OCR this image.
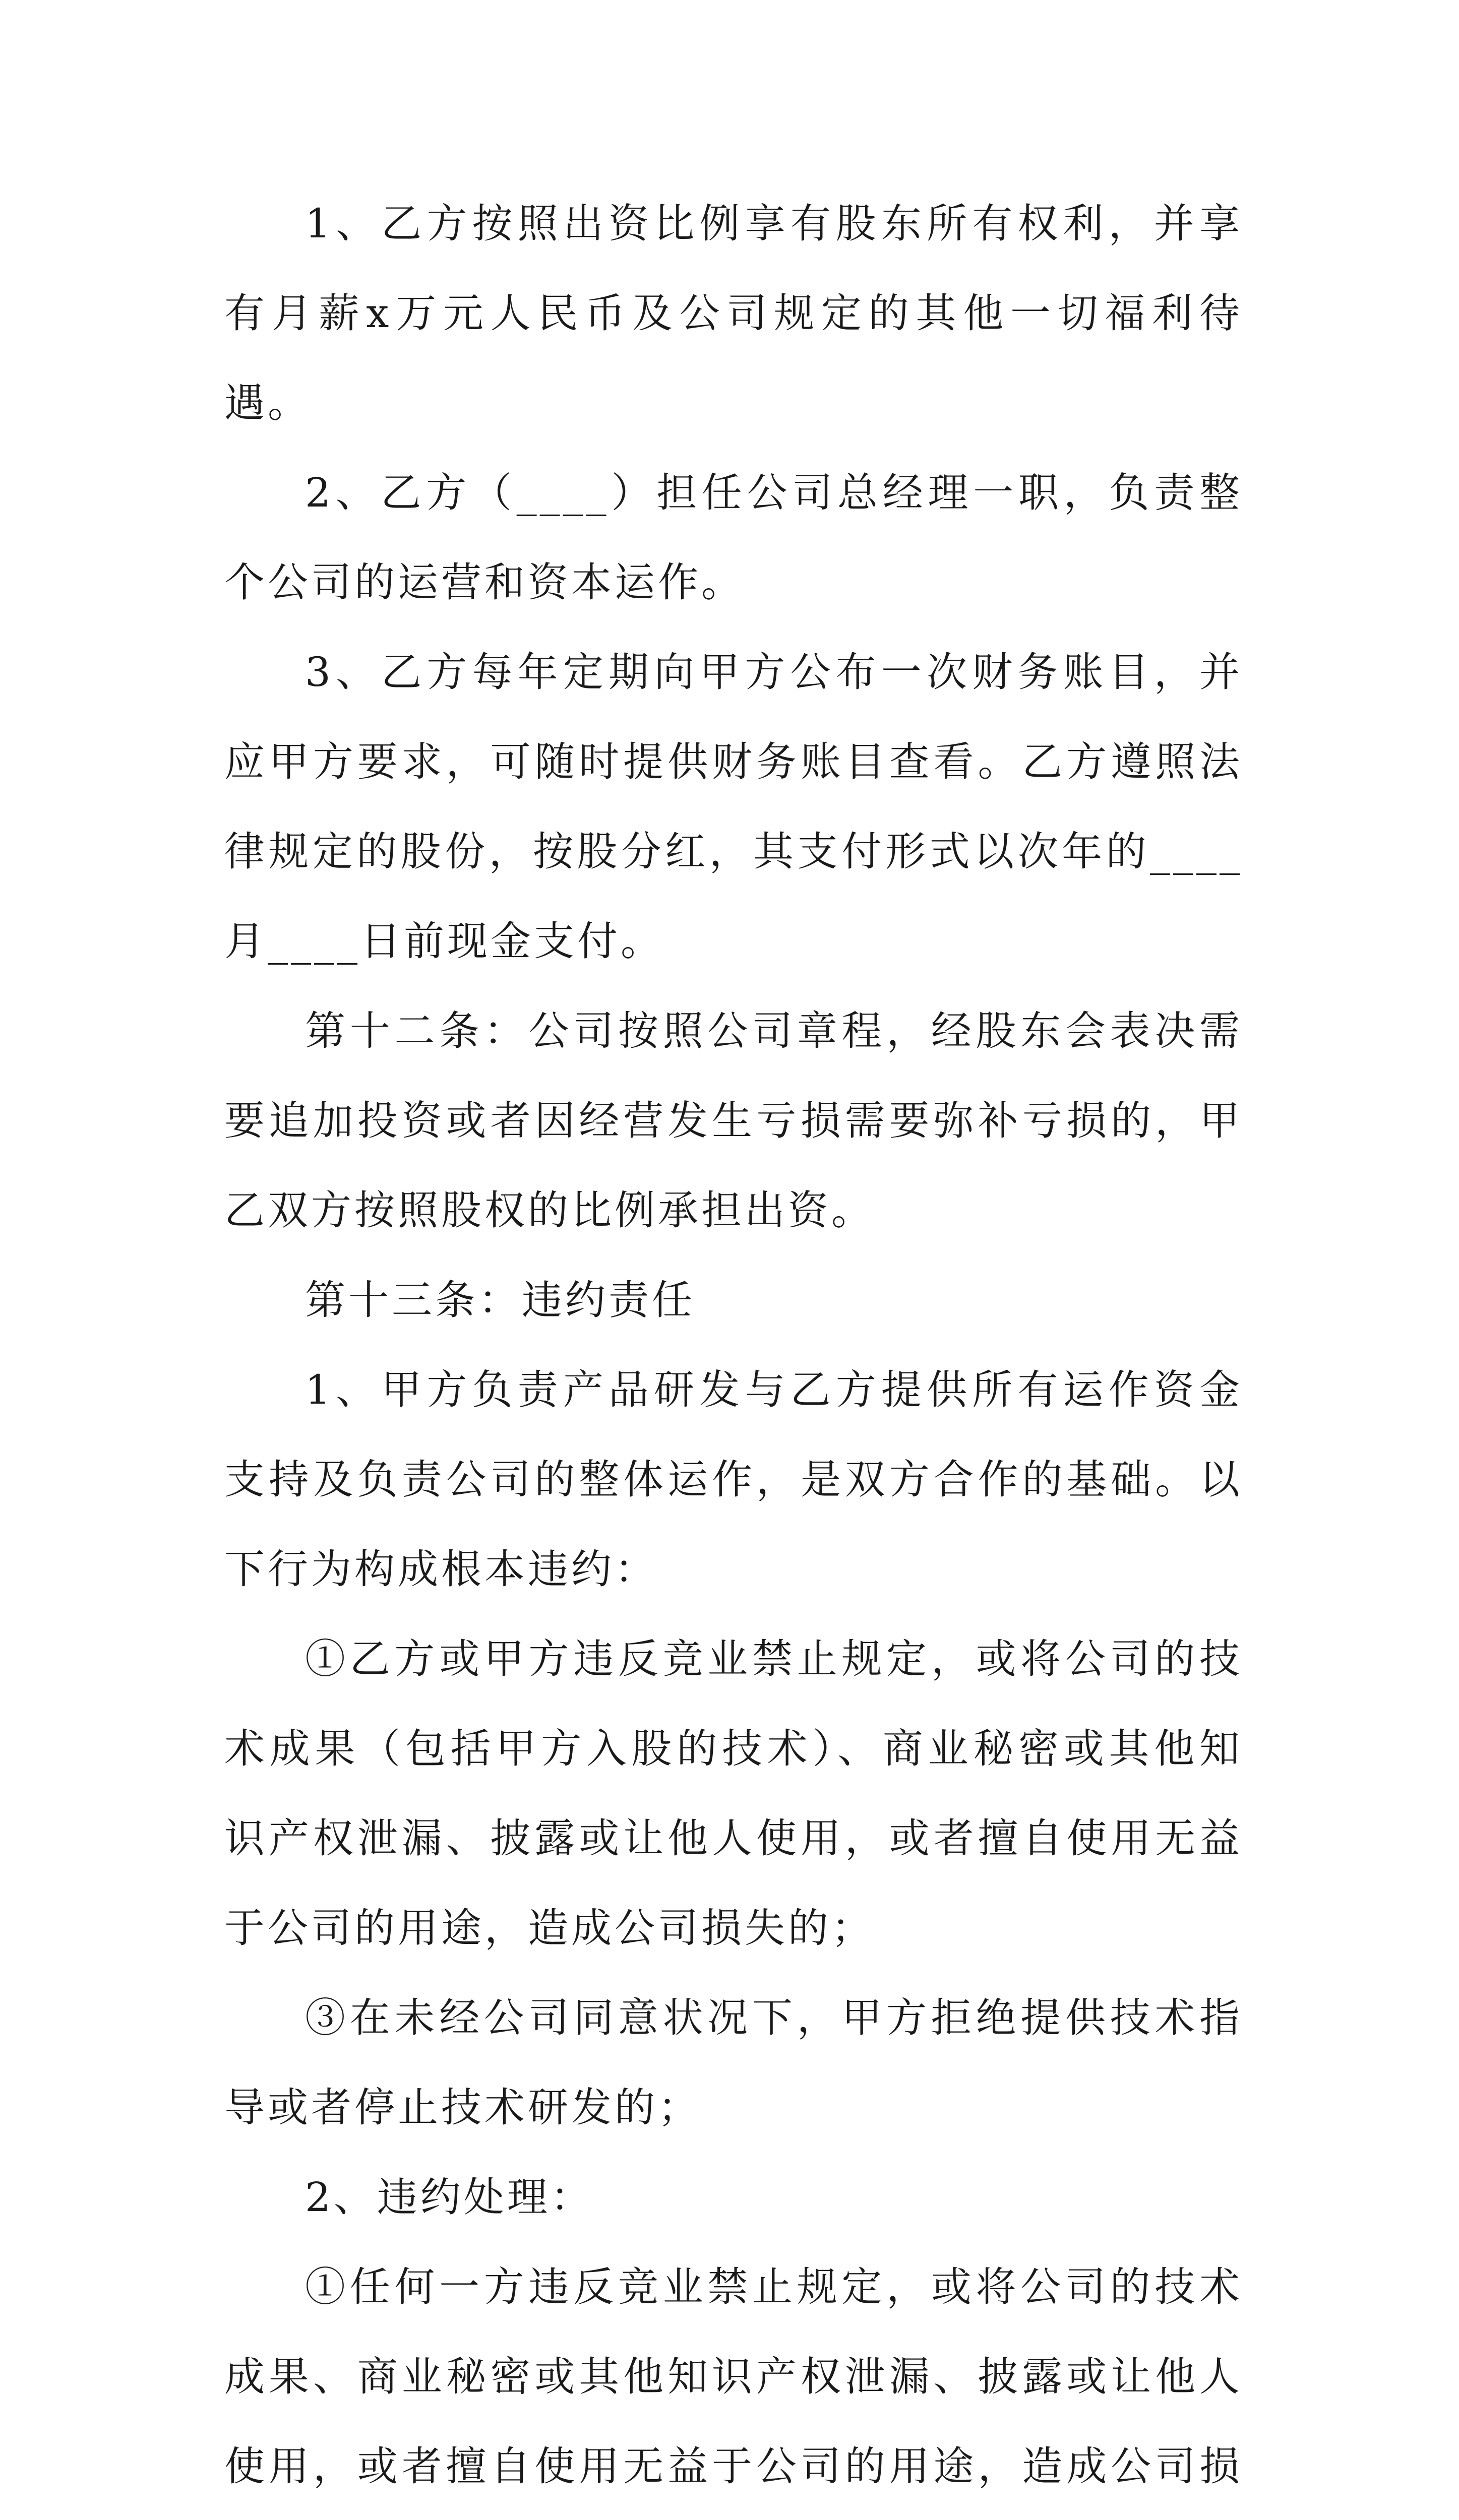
1、乙方按照出资比例享有股东所有权利，并享有月薪x万元人民币及公司规定的其他一切福利待遇。

2、乙方（____）担任公司总经理一职，负责整个公司的运营和资本运作。

3、乙方每年定期向甲方公布一次财务账目，并应甲方要求，可随时提供财务账目查看。乙方遵照法律规定的股份，按股分红，其支付形式以次年的____月____日前现金支付。

第十二条：公司按照公司章程，经股东会表决需要追加投资或者因经营发生亏损需要弥补亏损的，甲乙双方按照股权的比例承担出资。

第十三条：违约责任

1、甲方负责产品研发与乙方提供所有运作资金支持及负责公司的整体运作，是双方合作的基础。以下行为构成根本违约：

①乙方或甲方违反竞业禁止规定，或将公司的技术成果（包括甲方入股的技术）、商业秘密或其他知识产权泄漏、披露或让他人使用，或者擅自使用无益于公司的用途，造成公司损失的；

③在未经公司同意状况下，甲方拒绝提供技术指导或者停止技术研发的；

2、违约处理：

①任何一方违反竞业禁止规定，或将公司的技术成果、商业秘密或其他知识产权泄漏、披露或让他人使用，或者擅自使用无益于公司的用途，造成公司损
